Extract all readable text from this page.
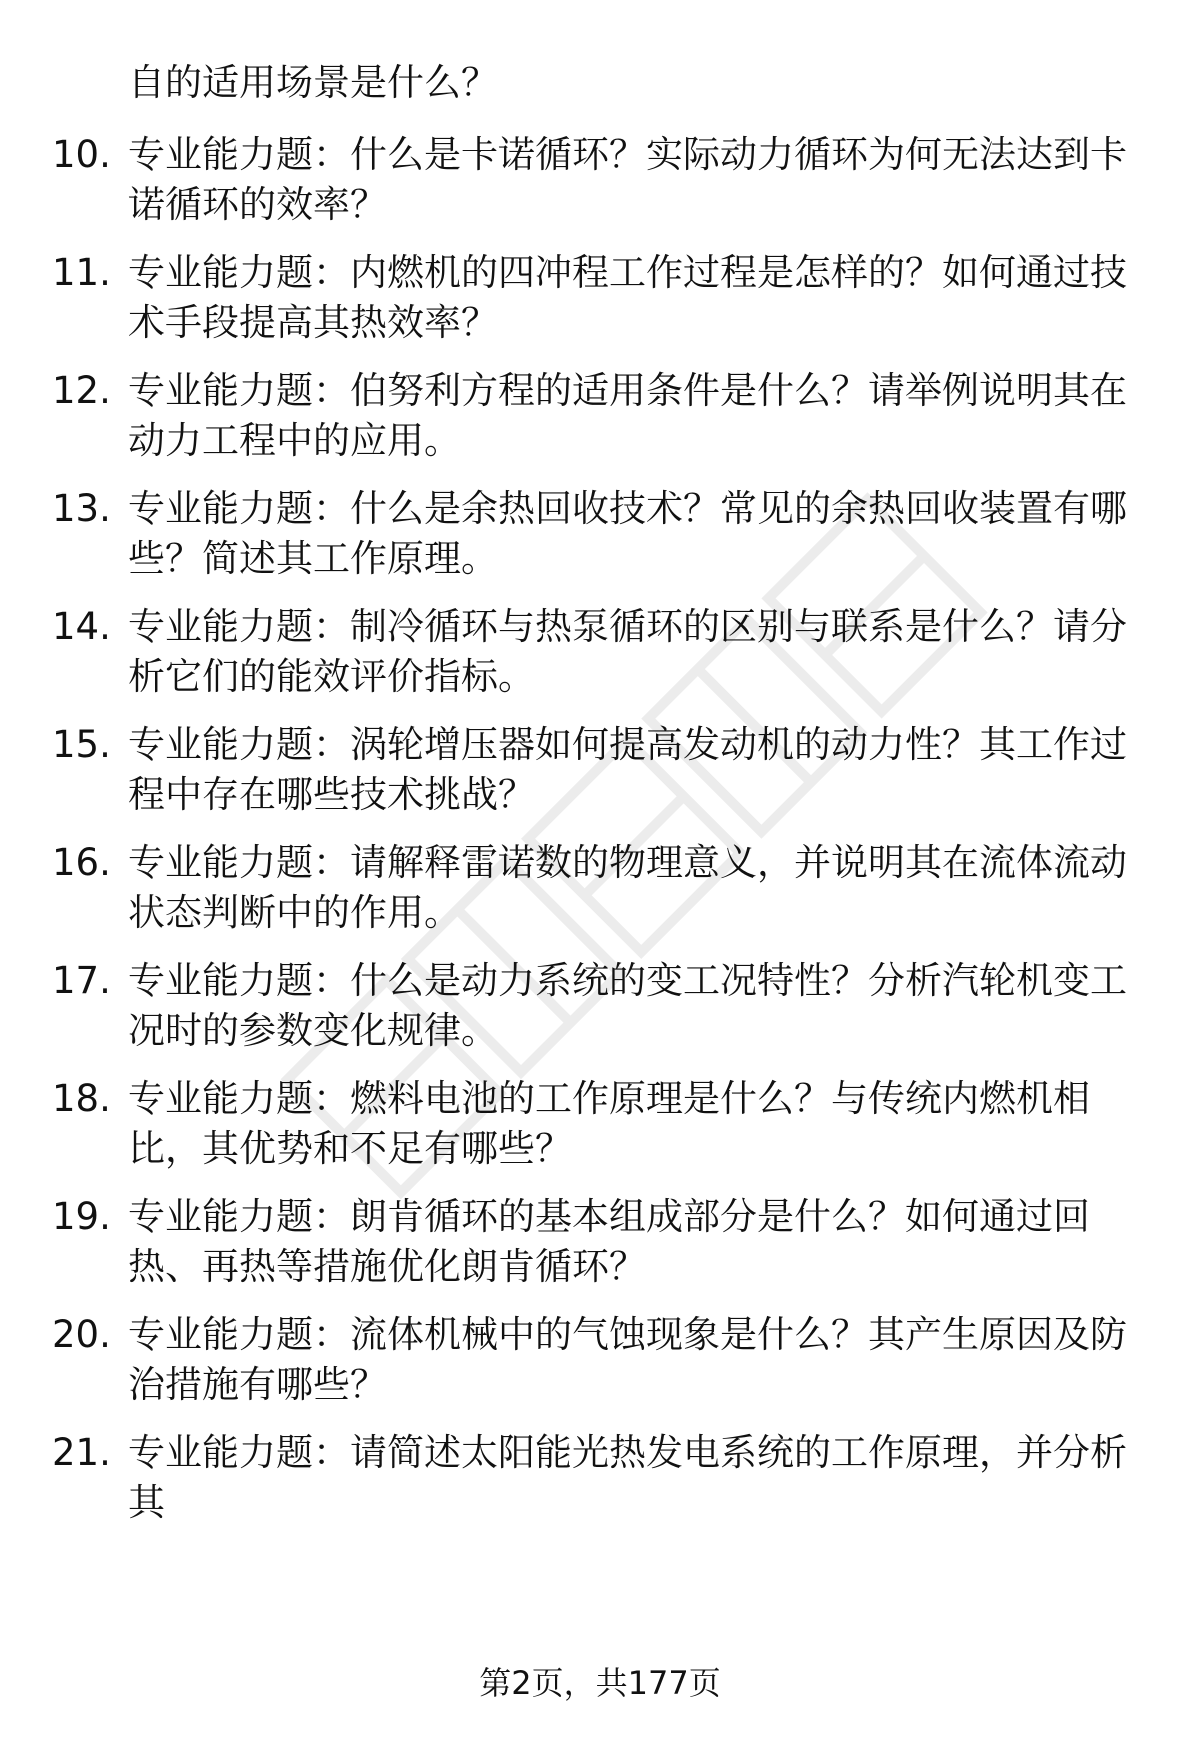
自的适用场景是什么？
10. 专业能力题：什么是卡诺循环？实际动力循环为何无法达到卡诺循环的效率？
11. 专业能力题：内燃机的四冲程工作过程是怎样的？如何通过技术手段提高其热效率？
12. 专业能力题：伯努利方程的适用条件是什么？请举例说明其在动力工程中的应用。
13. 专业能力题：什么是余热回收技术？常见的余热回收装置有哪些？简述其工作原理。
14. 专业能力题：制冷循环与热泵循环的区别与联系是什么？请分析它们的能效评价指标。
15. 专业能力题：涡轮增压器如何提高发动机的动力性？其工作过程中存在哪些技术挑战？
16. 专业能力题：请解释雷诺数的物理意义，并说明其在流体流动状态判断中的作用。
17. 专业能力题：什么是动力系统的变工况特性？分析汽轮机变工况时的参数变化规律。
18. 专业能力题：燃料电池的工作原理是什么？与传统内燃机相比，其优势和不足有哪些？
19. 专业能力题：朗肯循环的基本组成部分是什么？如何通过回热、再热等措施优化朗肯循环？
20. 专业能力题：流体机械中的气蚀现象是什么？其产生原因及防治措施有哪些？
21. 专业能力题：请简述太阳能光热发电系统的工作原理，并分析其
第2页，共177页
